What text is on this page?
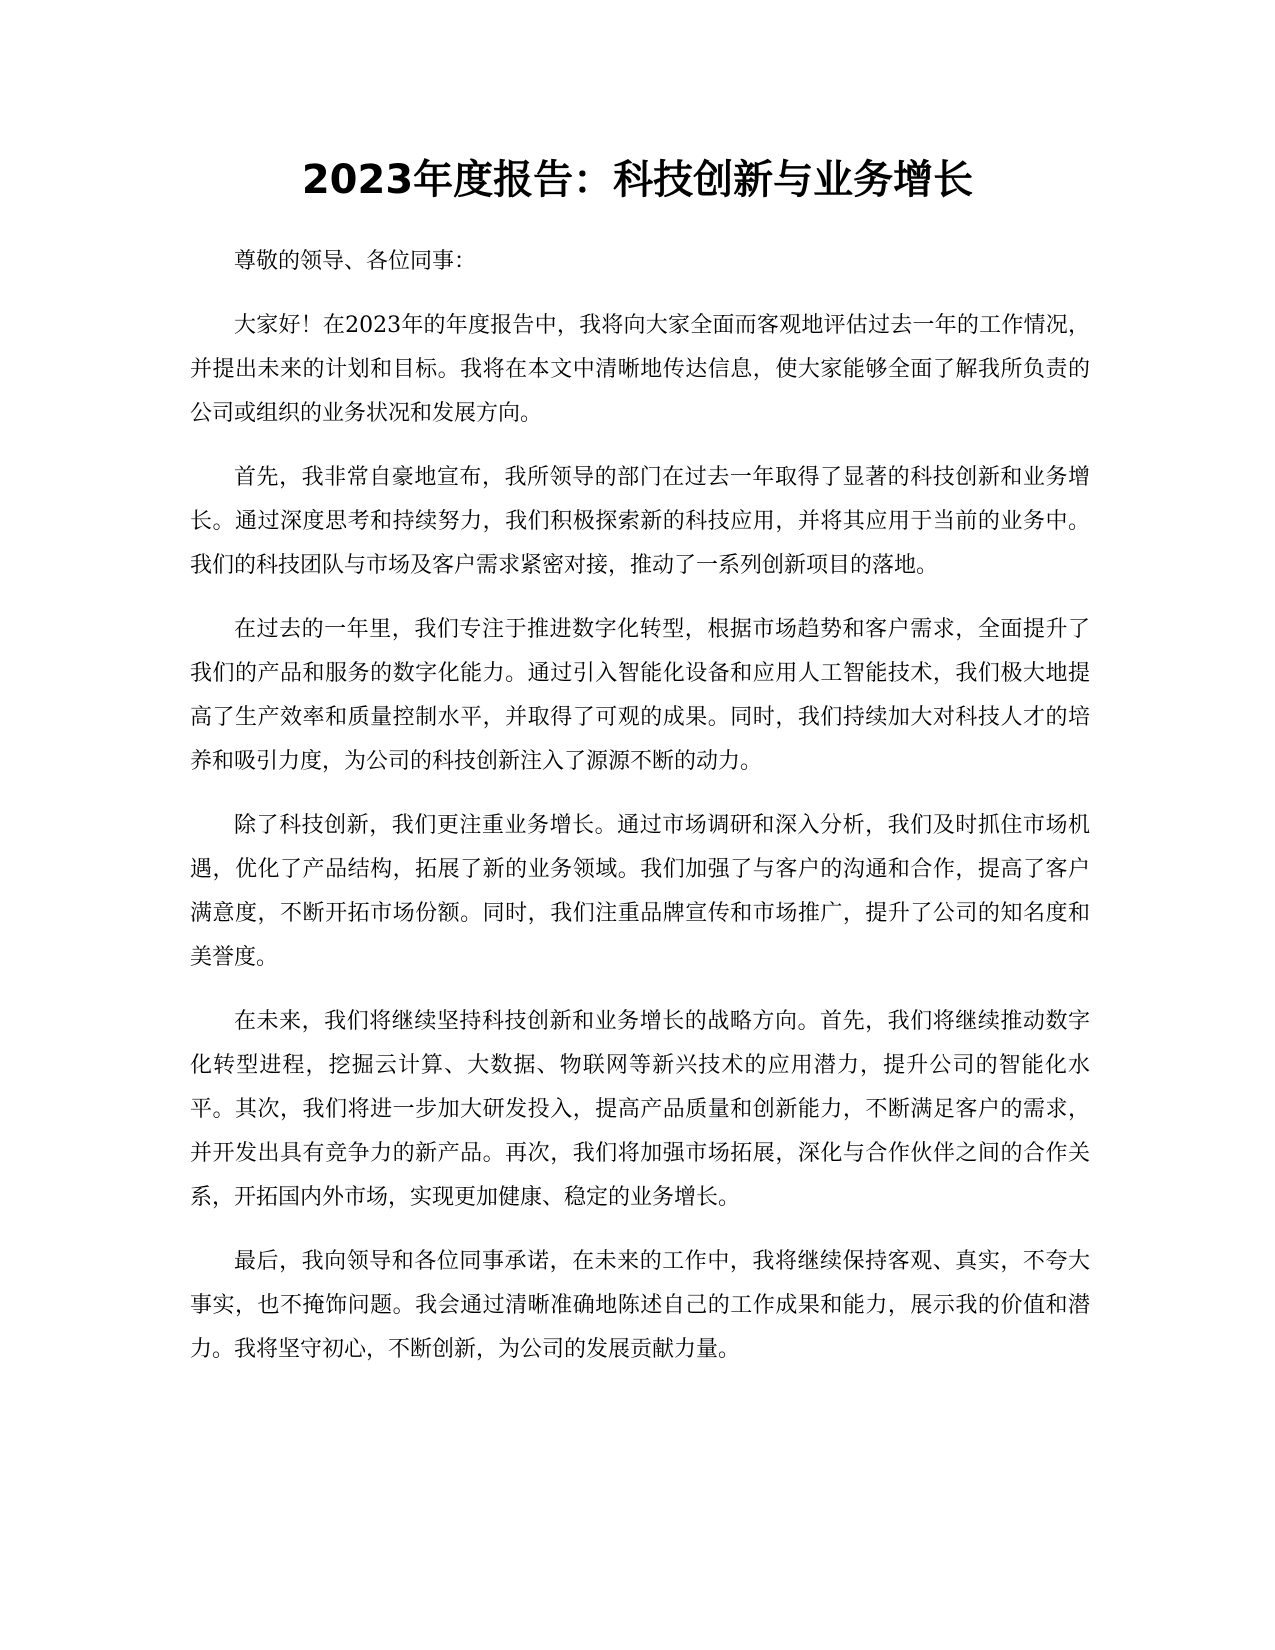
2023年度报告：科技创新与业务增长

尊敬的领导、各位同事：

大家好！在2023年的年度报告中，我将向大家全面而客观地评估过去一年的工作情况，并提出未来的计划和目标。我将在本文中清晰地传达信息，使大家能够全面了解我所负责的公司或组织的业务状况和发展方向。

首先，我非常自豪地宣布，我所领导的部门在过去一年取得了显著的科技创新和业务增长。通过深度思考和持续努力，我们积极探索新的科技应用，并将其应用于当前的业务中。我们的科技团队与市场及客户需求紧密对接，推动了一系列创新项目的落地。

在过去的一年里，我们专注于推进数字化转型，根据市场趋势和客户需求，全面提升了我们的产品和服务的数字化能力。通过引入智能化设备和应用人工智能技术，我们极大地提高了生产效率和质量控制水平，并取得了可观的成果。同时，我们持续加大对科技人才的培养和吸引力度，为公司的科技创新注入了源源不断的动力。

除了科技创新，我们更注重业务增长。通过市场调研和深入分析，我们及时抓住市场机遇，优化了产品结构，拓展了新的业务领域。我们加强了与客户的沟通和合作，提高了客户满意度，不断开拓市场份额。同时，我们注重品牌宣传和市场推广，提升了公司的知名度和美誉度。

在未来，我们将继续坚持科技创新和业务增长的战略方向。首先，我们将继续推动数字化转型进程，挖掘云计算、大数据、物联网等新兴技术的应用潜力，提升公司的智能化水平。其次，我们将进一步加大研发投入，提高产品质量和创新能力，不断满足客户的需求，并开发出具有竞争力的新产品。再次，我们将加强市场拓展，深化与合作伙伴之间的合作关系，开拓国内外市场，实现更加健康、稳定的业务增长。

最后，我向领导和各位同事承诺，在未来的工作中，我将继续保持客观、真实，不夸大事实，也不掩饰问题。我会通过清晰准确地陈述自己的工作成果和能力，展示我的价值和潜力。我将坚守初心，不断创新，为公司的发展贡献力量。
